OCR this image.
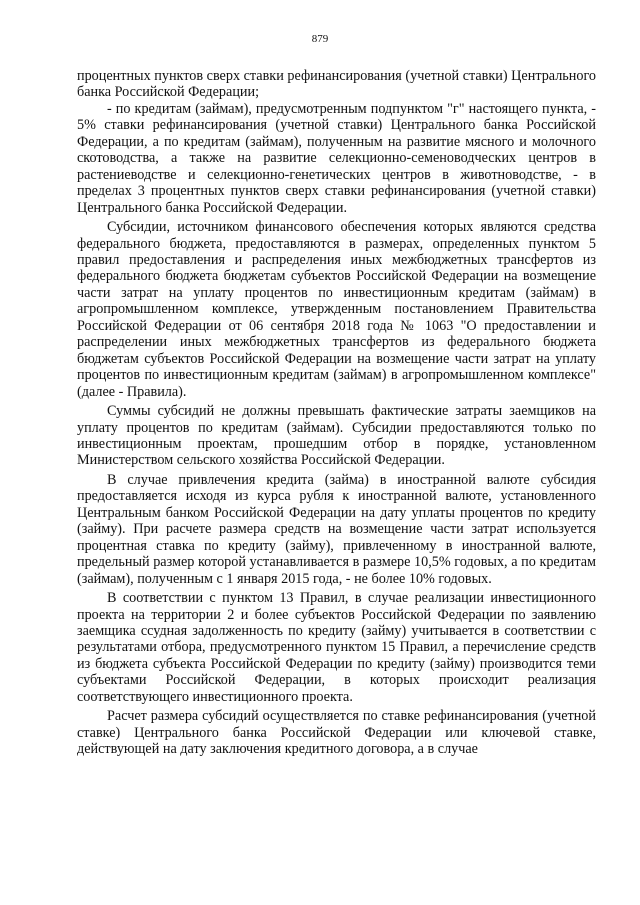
879

процентных пунктов сверх ставки рефинансирования (учетной ставки) Центрального банка Российской Федерации;

- по кредитам (займам), предусмотренным подпунктом "г" настоящего пункта, - 5% ставки рефинансирования (учетной ставки) Центрального банка Российской Федерации, а по кредитам (займам), полученным на развитие мясного и молочного скотоводства, а также на развитие селекционно-семеноводческих центров в растениеводстве и селекционно-генетических центров в животноводстве, - в пределах 3 процентных пунктов сверх ставки рефинансирования (учетной ставки) Центрального банка Российской Федерации.

Субсидии, источником финансового обеспечения которых являются средства федерального бюджета, предоставляются в размерах, определенных пунктом 5 правил предоставления и распределения иных межбюджетных трансфертов из федерального бюджета бюджетам субъектов Российской Федерации на возмещение части затрат на уплату процентов по инвестиционным кредитам (займам) в агропромышленном комплексе, утвержденным постановлением Правительства Российской Федерации от 06 сентября 2018 года № 1063 "О предоставлении и распределении иных межбюджетных трансфертов из федерального бюджета бюджетам субъектов Российской Федерации на возмещение части затрат на уплату процентов по инвестиционным кредитам (займам) в агропромышленном комплексе" (далее - Правила).

Суммы субсидий не должны превышать фактические затраты заемщиков на уплату процентов по кредитам (займам). Субсидии предоставляются только по инвестиционным проектам, прошедшим отбор в порядке, установленном Министерством сельского хозяйства Российской Федерации.

В случае привлечения кредита (займа) в иностранной валюте субсидия предоставляется исходя из курса рубля к иностранной валюте, установленного Центральным банком Российской Федерации на дату уплаты процентов по кредиту (займу). При расчете размера средств на возмещение части затрат используется процентная ставка по кредиту (займу), привлеченному в иностранной валюте, предельный размер которой устанавливается в размере 10,5% годовых, а по кредитам (займам), полученным с 1 января 2015 года, - не более 10% годовых.

В соответствии с пунктом 13 Правил, в случае реализации инвестиционного проекта на территории 2 и более субъектов Российской Федерации по заявлению заемщика ссудная задолженность по кредиту (займу) учитывается в соответствии с результатами отбора, предусмотренного пунктом 15 Правил, а перечисление средств из бюджета субъекта Российской Федерации по кредиту (займу) производится теми субъектами Российской Федерации, в которых происходит реализация соответствующего инвестиционного проекта.

Расчет размера субсидий осуществляется по ставке рефинансирования (учетной ставке) Центрального банка Российской Федерации или ключевой ставке, действующей на дату заключения кредитного договора, а в случае
